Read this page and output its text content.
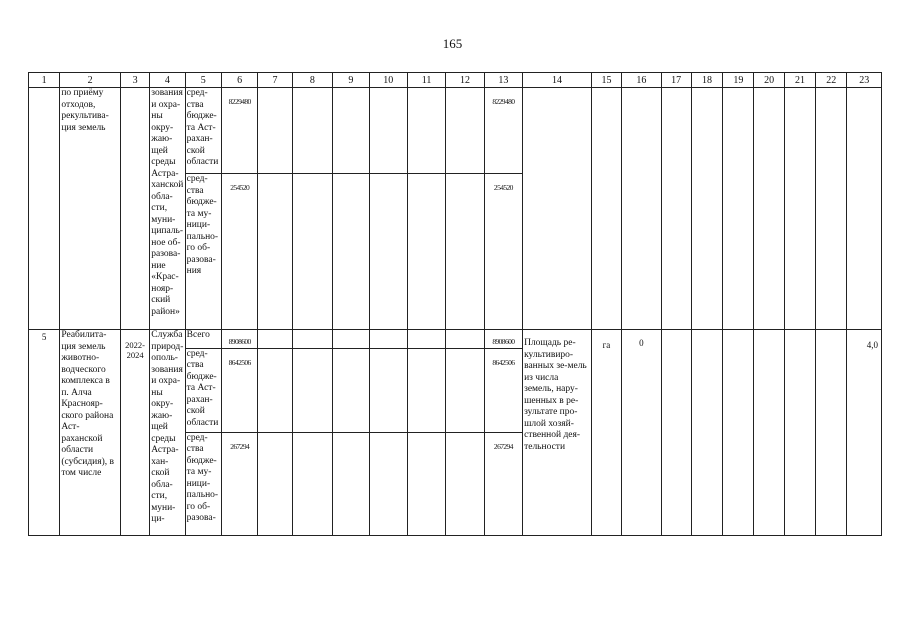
165
1	2	3	4	5	6	7	8	9	10	11	12	13	14	15	16	17	18	19	20	21	22	23
	по приёму отходов, рекультива-ция земель		зования и охра-ны окру-жаю-щей среды Астра-ханской обла-сти, муни-ципаль-ное об-разова-ние «Крас-нояр-ский район»	сред-ства бюдже-та Аст-рахан-ской области	8229480							8229480										
				сред-ства бюдже-та му-ници-пально-го об-разова-ния	254520							254520										
5	Реабилита-ция земель животно-водческого комплекса в п. Алча Краснояр-ского района Аст-раханской области (субсидия), в том числе	2022-2024	Служба природ-ополь-зования и охра-ны окру-жаю-щей среды Астра-хан-ской обла-сти, муни-ци-	Всего	8908600							8908600	Площадь ре-культивиро-ванных зе-мель из числа земель, нару-шенных в ре-зультате про-шлой хозяй-ственной дея-тельности	га	0							4,0
				сред-ства бюдже-та Аст-рахан-ской области	8642506							8642506										
				сред-ства бюдже-та му-ници-пально-го об-разова-	267294							267294										
